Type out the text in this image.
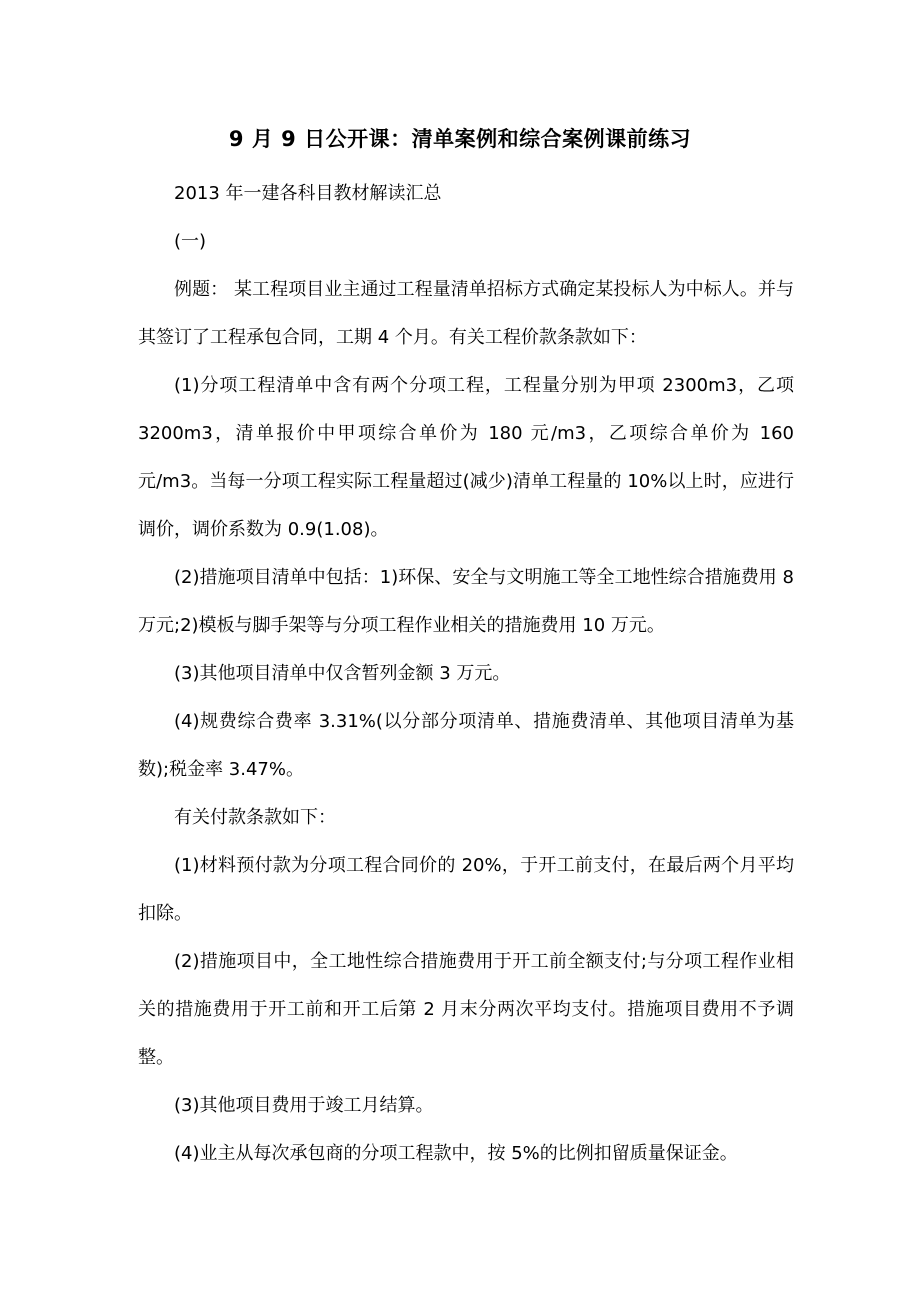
9 月 9 日公开课：清单案例和综合案例课前练习

2013 年一建各科目教材解读汇总

(一)

例题： 某工程项目业主通过工程量清单招标方式确定某投标人为中标人。并与其签订了工程承包合同，工期 4 个月。有关工程价款条款如下：

(1)分项工程清单中含有两个分项工程，工程量分别为甲项 2300m3，乙项 3200m3，清单报价中甲项综合单价为 180 元/m3，乙项综合单价为 160 元/m3。当每一分项工程实际工程量超过(减少)清单工程量的 10%以上时，应进行调价，调价系数为 0.9(1.08)。

(2)措施项目清单中包括：1)环保、安全与文明施工等全工地性综合措施费用 8 万元;2)模板与脚手架等与分项工程作业相关的措施费用 10 万元。

(3)其他项目清单中仅含暂列金额 3 万元。

(4)规费综合费率 3.31%(以分部分项清单、措施费清单、其他项目清单为基数);税金率 3.47%。

有关付款条款如下：

(1)材料预付款为分项工程合同价的 20%，于开工前支付，在最后两个月平均扣除。

(2)措施项目中，全工地性综合措施费用于开工前全额支付;与分项工程作业相关的措施费用于开工前和开工后第 2 月末分两次平均支付。措施项目费用不予调整。

(3)其他项目费用于竣工月结算。

(4)业主从每次承包商的分项工程款中，按 5%的比例扣留质量保证金。
